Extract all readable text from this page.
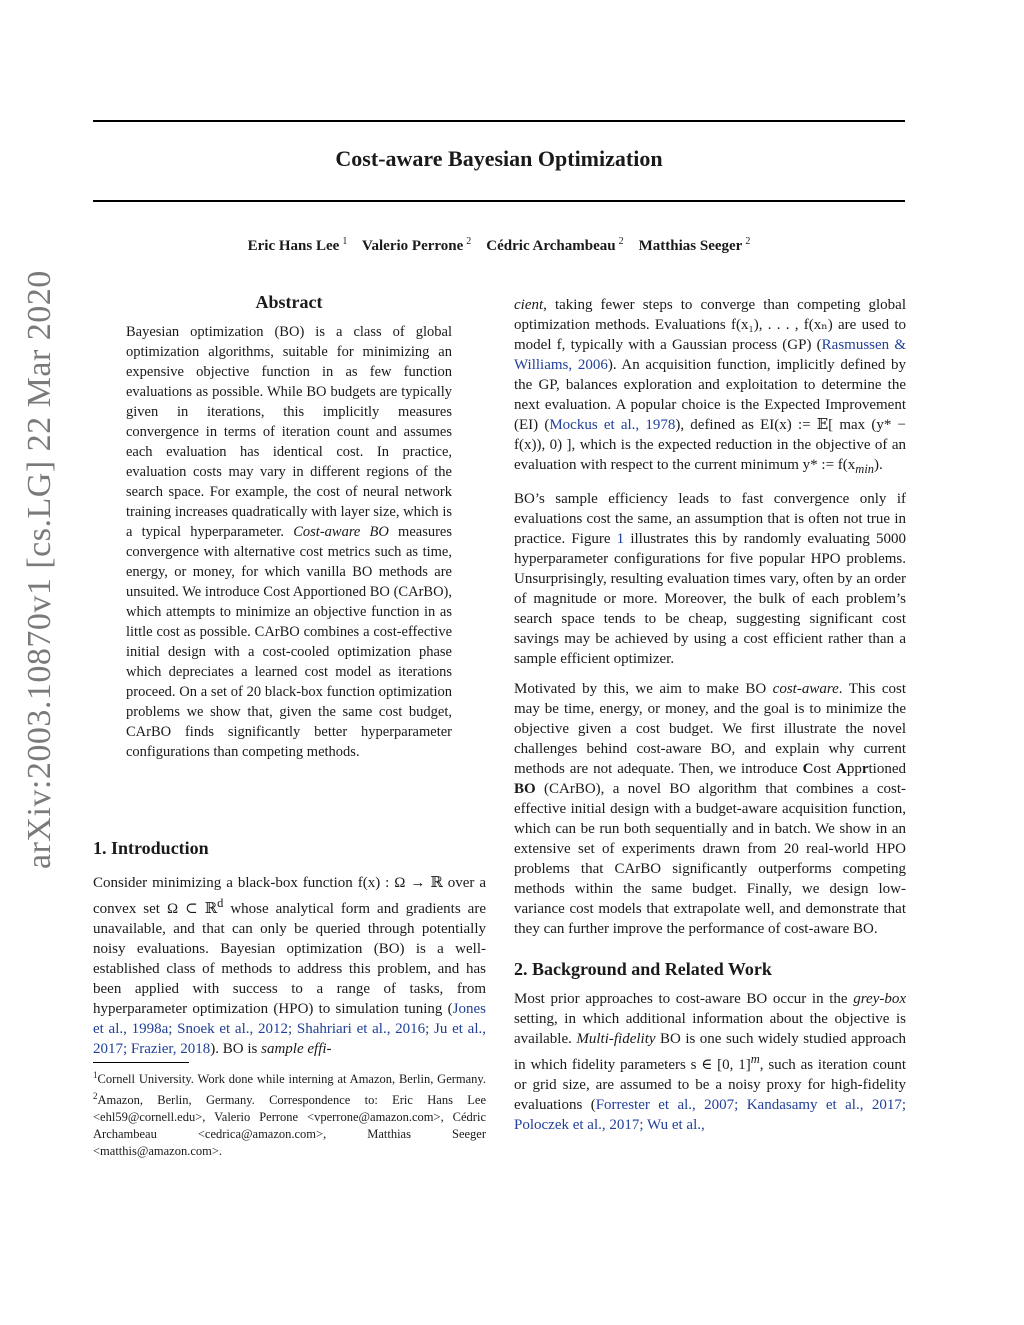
Cost-aware Bayesian Optimization
Eric Hans Lee  $^1$ Valerio Perrone  $^2$ Cédric Archambeau  $^2$ Matthias Seeger  $^2$
arXiv:2003.10870v1 [cs.LG] 22 Mar 2020	Abstract
Bayesian optimization (BO) is a class of global optimization algorithms, suitable for minimizing an expensive objective function in as few function evaluations as possible. While BO budgets are typically given in iterations, this implicitly measures convergence in terms of iteration count and assumes each evaluation has identical cost. In practice, evaluation costs may vary in different regions of the search space. For example, the cost of neural network training increases quadratically with layer size, which is a typical hyperparameter. Cost-aware BO measures convergence with alternative cost metrics such as time, energy, or money, for which vanilla BO methods are unsuited. We introduce Cost Apportioned BO (CArBO), which attempts to minimize an objective function in as little cost as possible. CArBO combines a cost-effective initial design with a cost-cooled optimization phase which depreciates a learned cost model as iterations proceed. On a set of 20 black-box function optimization problems we show that, given the same cost budget, CArBO finds significantly better hyperparameter configurations than competing methods.
1. Introduction
Consider minimizing a black-box function f(x) : Ω → ℝ over a convex set Ω ⊂ ℝ$^d$ whose analytical form and gradients are unavailable, and that can only be queried through potentially noisy evaluations. Bayesian optimization (BO) is a well-established class of methods to address this problem, and has been applied with success to a range of tasks, from hyperparameter optimization (HPO) to simulation tuning (Jones et al., 1998a; Snoek et al., 2012; Shahriari et al., 2016; Ju et al., 2017; Frazier, 2018). BO is sample effi-
$^1$Cornell University. Work done while interning at Amazon, Berlin, Germany. $^2$Amazon, Berlin, Germany. Correspondence to: Eric Hans Lee <ehl59@cornell.edu>, Valerio Perrone <vperrone@amazon.com>, Cédric Archambeau <cedrica@amazon.com>, Matthias Seeger <matthis@amazon.com>.

cient, taking fewer steps to converge than competing global optimization methods. Evaluations f(x₁), . . . , f(xₙ) are used to model f, typically with a Gaussian process (GP) (Rasmussen & Williams, 2006). An acquisition function, implicitly defined by the GP, balances exploration and exploitation to determine the next evaluation. A popular choice is the Expected Improvement (EI) (Mockus et al., 1978), defined as EI(x) := 𝔼[ max (y* − f(x)), 0) ], which is the expected reduction in the objective of an evaluation with respect to the current minimum y* := $f(x_{min})$.

BO’s sample efficiency leads to fast convergence only if evaluations cost the same, an assumption that is often not true in practice. Figure 1 illustrates this by randomly evaluating 5000 hyperparameter configurations for five popular HPO problems. Unsurprisingly, resulting evaluation times vary, often by an order of magnitude or more. Moreover, the bulk of each problem’s search space tends to be cheap, suggesting significant cost savings may be achieved by using a cost efficient rather than a sample efficient optimizer.

Motivated by this, we aim to make BO cost-aware. This cost may be time, energy, or money, and the goal is to minimize the objective given a cost budget. We first illustrate the novel challenges behind cost-aware BO, and explain why current methods are not adequate. Then, we introduce Cost Apprtioned BO (CArBO), a novel BO algorithm that combines a cost-effective initial design with a budget-aware acquisition function, which can be run both sequentially and in batch. We show in an extensive set of experiments drawn from 20 real-world HPO problems that CArBO significantly outperforms competing methods within the same budget. Finally, we design low-variance cost models that extrapolate well, and demonstrate that they can further improve the performance of cost-aware BO.

2. Background and Related Work

Most prior approaches to cost-aware BO occur in the grey-box setting, in which additional information about the objective is available. Multi-fidelity BO is one such widely studied approach in which fidelity parameters s ∈ [0, 1]$^m$, such as iteration count or grid size, are assumed to be a noisy proxy for high-fidelity evaluations (Forrester et al., 2007; Kandasamy et al., 2017; Poloczek et al., 2017; Wu et al.,
